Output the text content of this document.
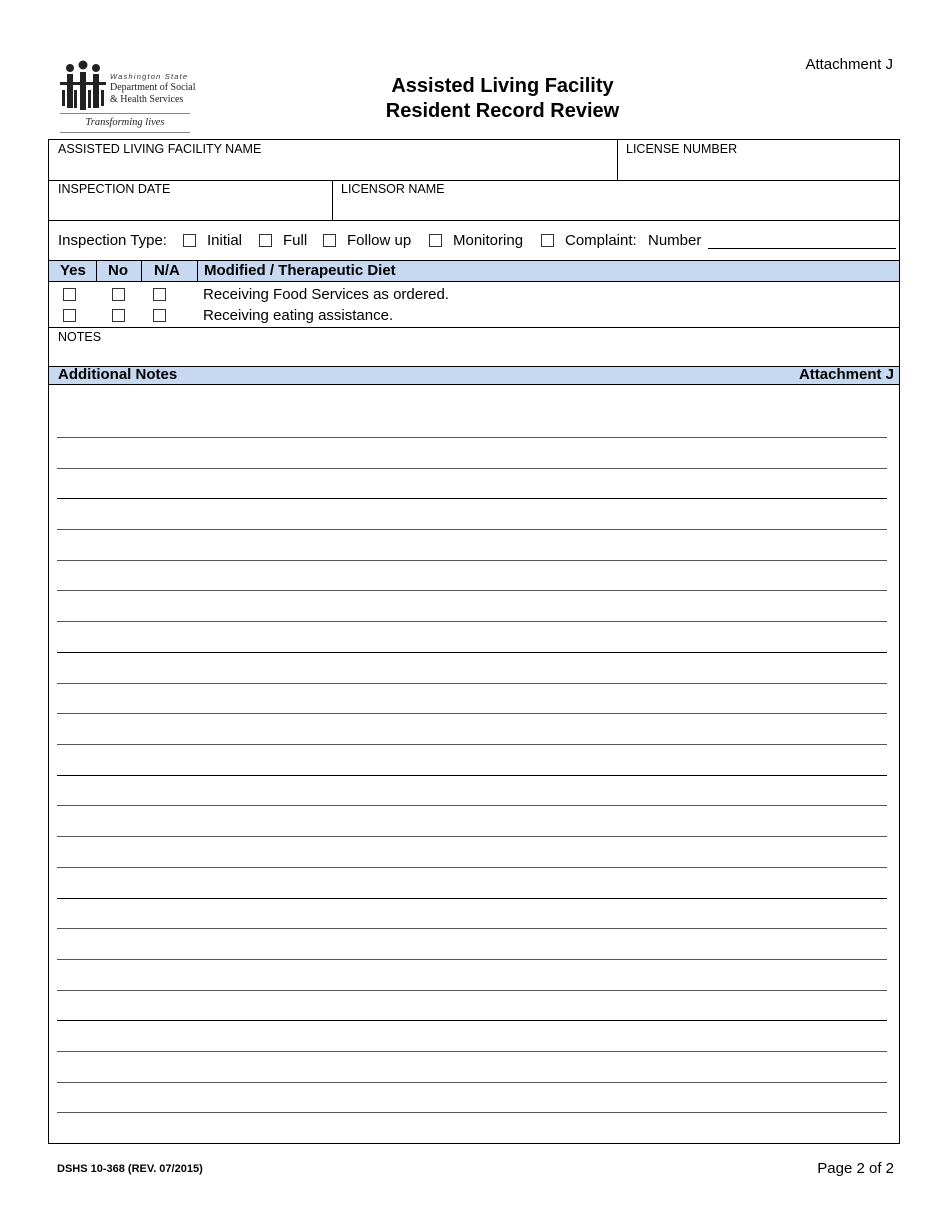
Washington State
Department of Social
& Health Services
Transforming lives
Assisted Living Facility
Resident Record Review
Attachment J
ASSISTED LIVING FACILITY NAME	LICENSE NUMBER
INSPECTION DATE	LICENSOR NAME
Inspection Type:	Initial	Full	Follow up	Monitoring	Complaint: Number
Yes No N/A Modified / Therapeutic Diet
Receiving Food Services as ordered.
Receiving eating assistance.
NOTES
Additional Notes	Attachment J
DSHS 10-368 (REV. 07/2015)	Page 2 of 2
